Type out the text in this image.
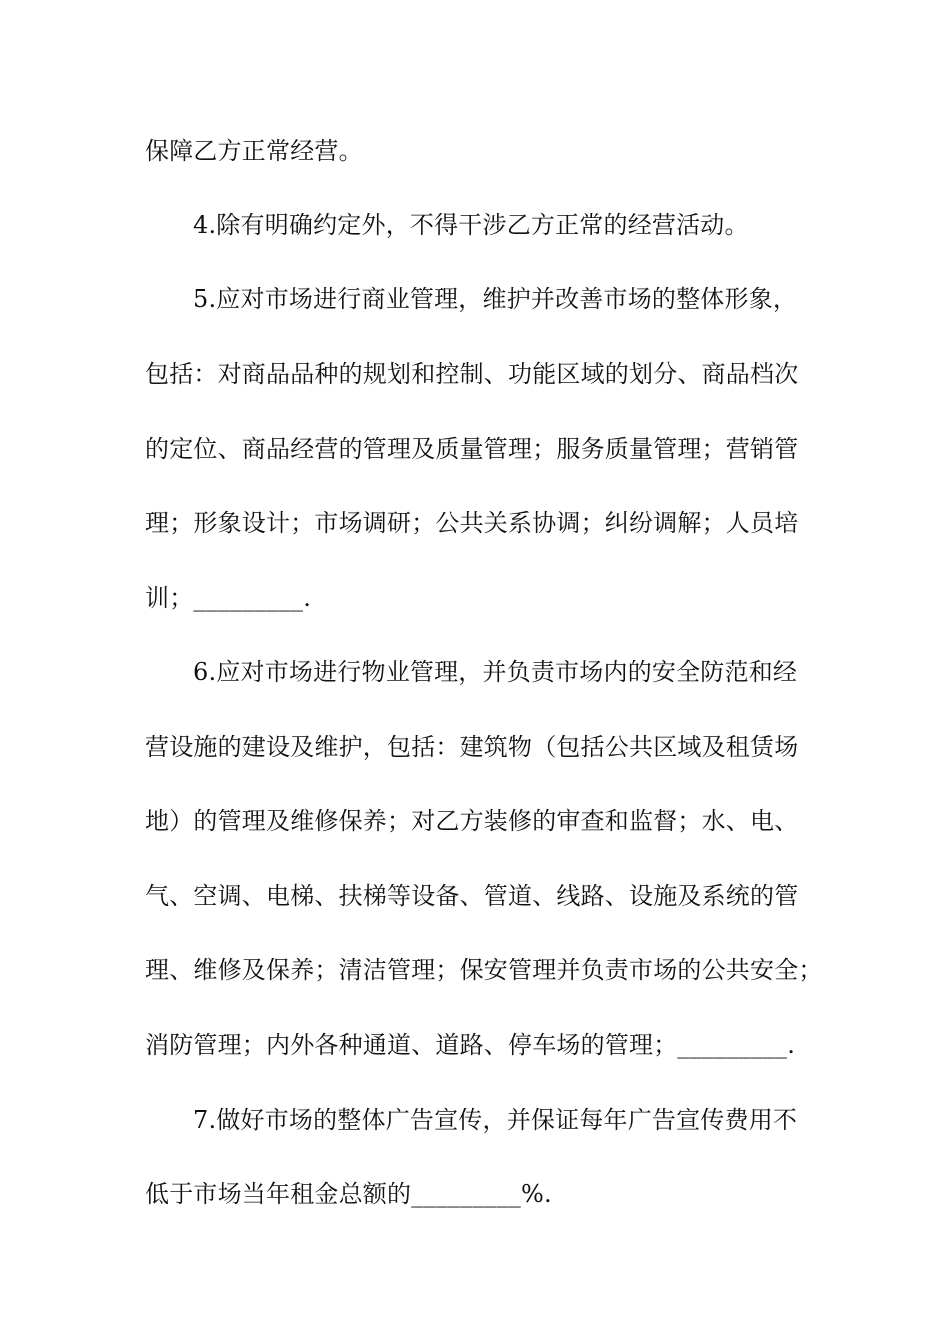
保障乙方正常经营。
4.除有明确约定外，不得干涉乙方正常的经营活动。
5.应对市场进行商业管理，维护并改善市场的整体形象，
包括：对商品品种的规划和控制、功能区域的划分、商品档次
的定位、商品经营的管理及质量管理；服务质量管理；营销管
理；形象设计；市场调研；公共关系协调；纠纷调解；人员培
训；_________.
6.应对市场进行物业管理，并负责市场内的安全防范和经
营设施的建设及维护，包括：建筑物（包括公共区域及租赁场
地）的管理及维修保养；对乙方装修的审查和监督；水、电、
气、空调、电梯、扶梯等设备、管道、线路、设施及系统的管
理、维修及保养；清洁管理；保安管理并负责市场的公共安全；
消防管理；内外各种通道、道路、停车场的管理；_________.
7.做好市场的整体广告宣传，并保证每年广告宣传费用不
低于市场当年租金总额的_________%.
